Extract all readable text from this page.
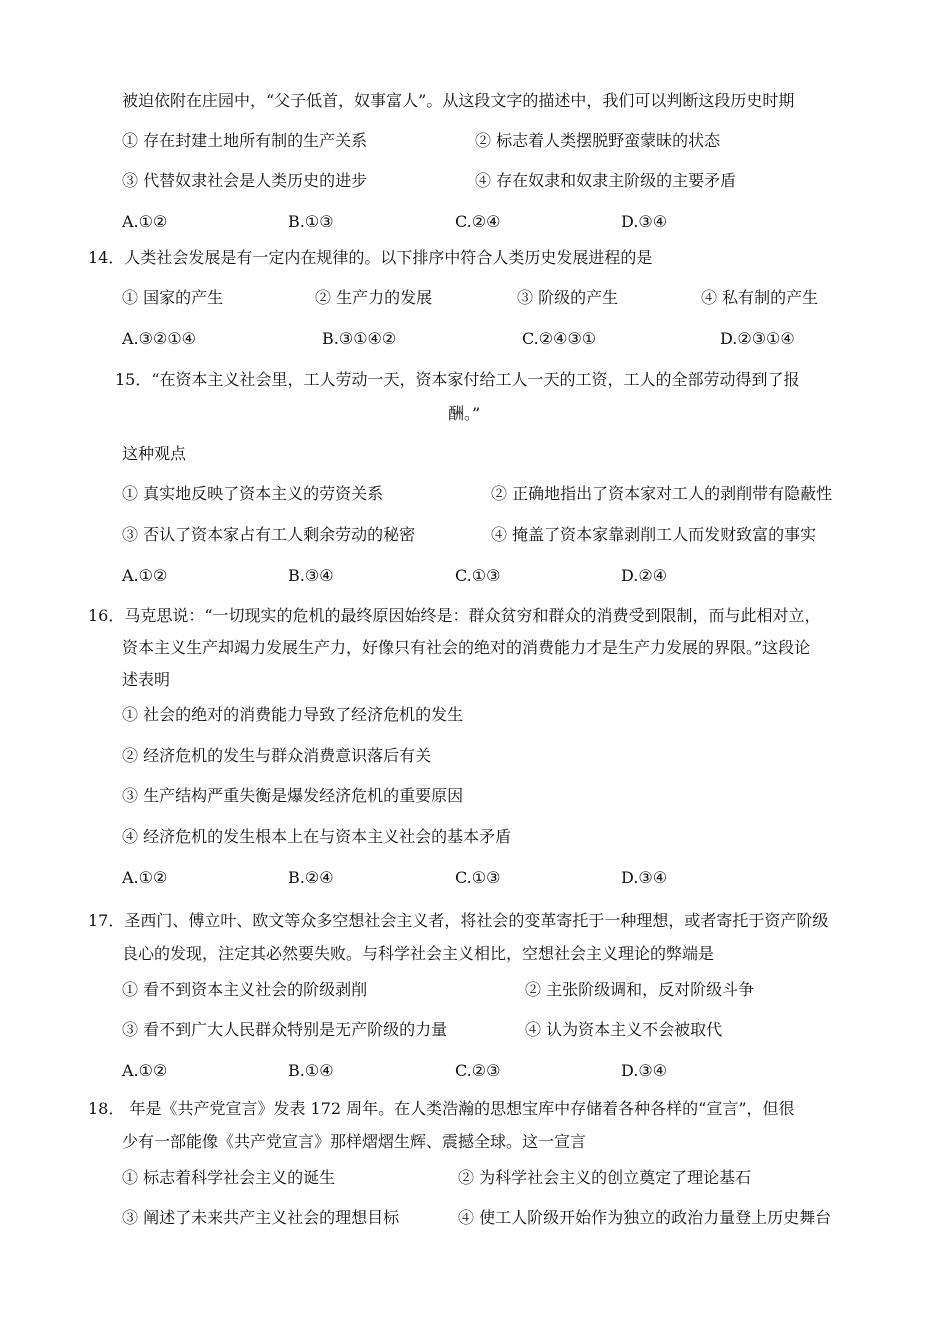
被迫依附在庄园中，“父子低首，奴事富人”。从这段文字的描述中，我们可以判断这段历史时期
① 存在封建土地所有制的生产关系	② 标志着人类摆脱野蛮蒙昧的状态
③ 代替奴隶社会是人类历史的进步	④ 存在奴隶和奴隶主阶级的主要矛盾
A.①②	B.①③	C.②④	D.③④
14．人类社会发展是有一定内在规律的。以下排序中符合人类历史发展进程的是
① 国家的产生	② 生产力的发展	③ 阶级的产生	④ 私有制的产生
A.③②①④	B.③①④②	C.②④③①	D.②③①④
15．“在资本主义社会里，工人劳动一天，资本家付给工人一天的工资，工人的全部劳动得到了报
酬。”
这种观点
① 真实地反映了资本主义的劳资关系	② 正确地指出了资本家对工人的剥削带有隐蔽性
③ 否认了资本家占有工人剩余劳动的秘密	④ 掩盖了资本家靠剥削工人而发财致富的事实
A.①②	B.③④	C.①③	D.②④
16．马克思说：“一切现实的危机的最终原因始终是：群众贫穷和群众的消费受到限制，而与此相对立，
资本主义生产却竭力发展生产力，好像只有社会的绝对的消费能力才是生产力发展的界限。”这段论
述表明
① 社会的绝对的消费能力导致了经济危机的发生
② 经济危机的发生与群众消费意识落后有关
③ 生产结构严重失衡是爆发经济危机的重要原因
④ 经济危机的发生根本上在与资本主义社会的基本矛盾
A.①②	B.②④	C.①③	D.③④
17．圣西门、傅立叶、欧文等众多空想社会主义者，将社会的变革寄托于一种理想，或者寄托于资产阶级
良心的发现，注定其必然要失败。与科学社会主义相比，空想社会主义理论的弊端是
① 看不到资本主义社会的阶级剥削	② 主张阶级调和，反对阶级斗争
③ 看不到广大人民群众特别是无产阶级的力量	④ 认为资本主义不会被取代
A.①②	B.①④	C.②③	D.③④
18． 年是《共产党宣言》发表 172 周年。在人类浩瀚的思想宝库中存储着各种各样的“宣言”，但很
少有一部能像《共产党宣言》那样熠熠生辉、震撼全球。这一宣言
① 标志着科学社会主义的诞生	② 为科学社会主义的创立奠定了理论基石
③ 阐述了未来共产主义社会的理想目标	④ 使工人阶级开始作为独立的政治力量登上历史舞台
